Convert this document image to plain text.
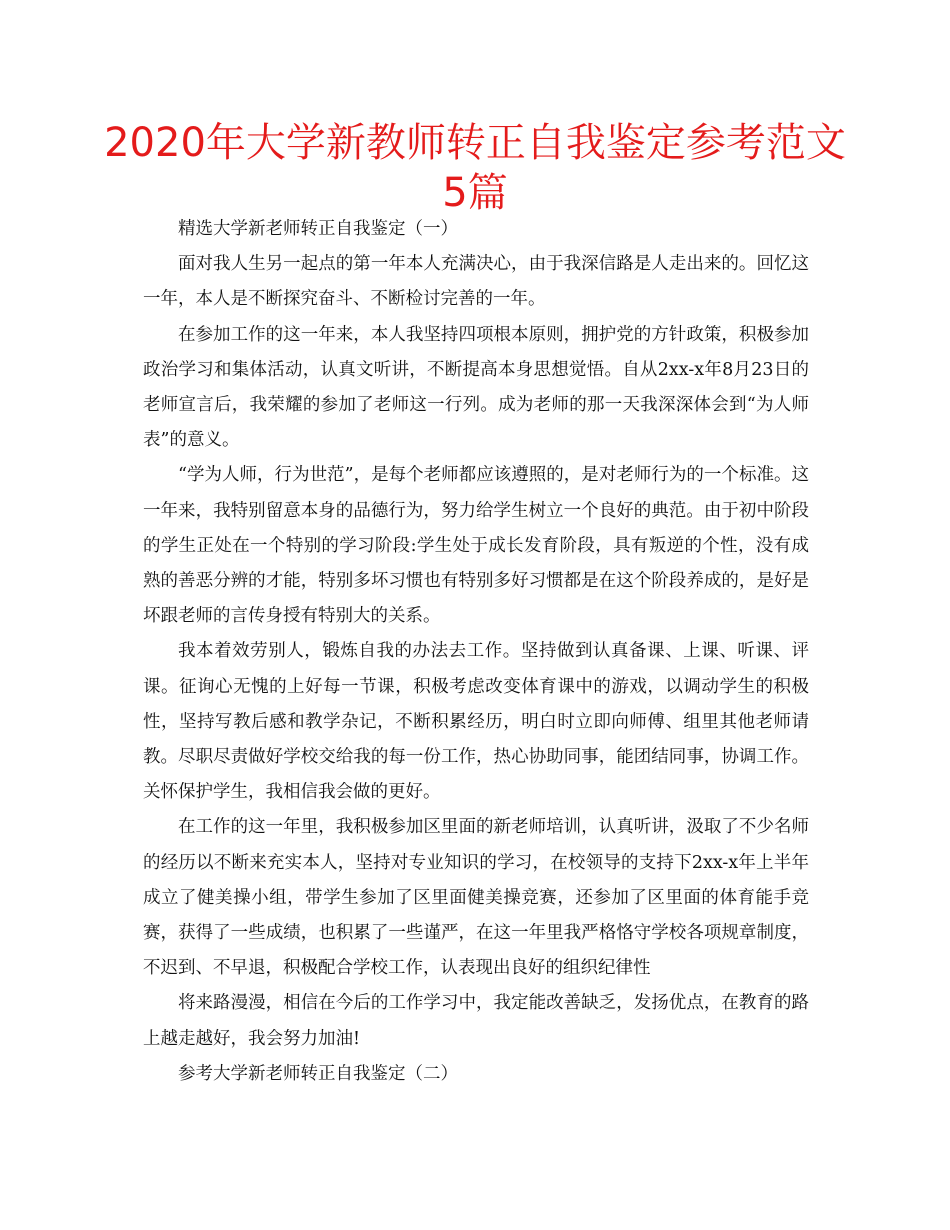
2020年大学新教师转正自我鉴定参考范文
5篇

精选大学新老师转正自我鉴定（一）

面对我人生另一起点的第一年本人充满决心，由于我深信路是人走出来的。回忆这一年，本人是不断探究奋斗、不断检讨完善的一年。

在参加工作的这一年来，本人我坚持四项根本原则，拥护党的方针政策，积极参加政治学习和集体活动，认真文听讲，不断提高本身思想觉悟。自从2xx-x年8月23日的老师宣言后，我荣耀的参加了老师这一行列。成为老师的那一天我深深体会到“为人师表”的意义。

“学为人师，行为世范”，是每个老师都应该遵照的，是对老师行为的一个标准。这一年来，我特别留意本身的品德行为，努力给学生树立一个良好的典范。由于初中阶段的学生正处在一个特别的学习阶段:学生处于成长发育阶段，具有叛逆的个性，没有成熟的善恶分辨的才能，特别多坏习惯也有特别多好习惯都是在这个阶段养成的，是好是坏跟老师的言传身授有特别大的关系。

我本着效劳别人，锻炼自我的办法去工作。坚持做到认真备课、上课、听课、评课。征询心无愧的上好每一节课，积极考虑改变体育课中的游戏，以调动学生的积极性，坚持写教后感和教学杂记，不断积累经历，明白时立即向师傅、组里其他老师请教。尽职尽责做好学校交给我的每一份工作，热心协助同事，能团结同事，协调工作。关怀保护学生，我相信我会做的更好。

在工作的这一年里，我积极参加区里面的新老师培训，认真听讲，汲取了不少名师的经历以不断来充实本人，坚持对专业知识的学习，在校领导的支持下2xx-x年上半年成立了健美操小组，带学生参加了区里面健美操竞赛，还参加了区里面的体育能手竞赛，获得了一些成绩，也积累了一些谨严，在这一年里我严格恪守学校各项规章制度，不迟到、不早退，积极配合学校工作，认表现出良好的组织纪律性

将来路漫漫，相信在今后的工作学习中，我定能改善缺乏，发扬优点，在教育的路上越走越好，我会努力加油!

参考大学新老师转正自我鉴定（二）
